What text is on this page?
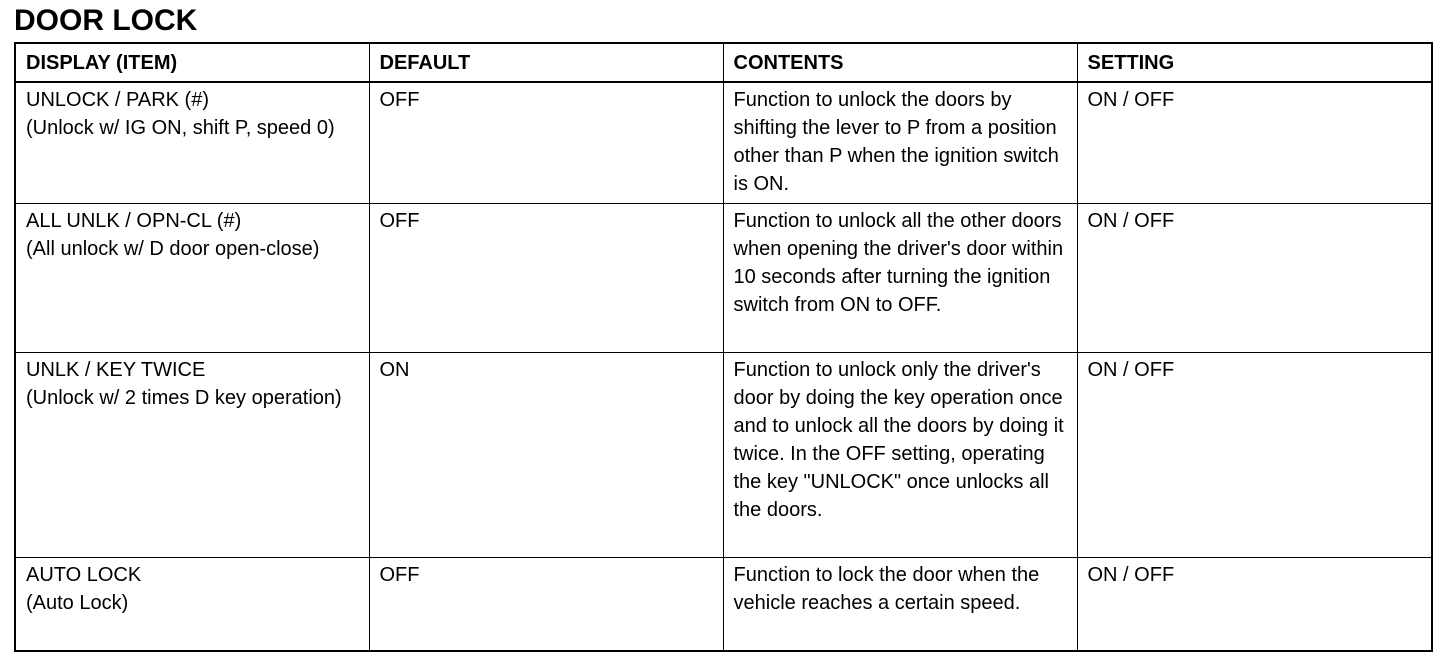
DOOR LOCK
DISPLAY (ITEM)	DEFAULT	CONTENTS	SETTING

UNLOCK / PARK (#)
(Unlock w/ IG ON, shift P, speed 0)	OFF	Function to unlock the doors by shifting the lever to P from a position other than P when the ignition switch is ON.	ON / OFF

ALL UNLK / OPN-CL (#)
(All unlock w/ D door open-close)	OFF	Function to unlock all the other doors when opening the driver's door within 10 seconds after turning the ignition switch from ON to OFF.	ON / OFF

UNLK / KEY TWICE
(Unlock w/ 2 times D key operation)	ON	Function to unlock only the driver's door by doing the key operation once and to unlock all the doors by doing it twice. In the OFF setting, operating the key "UNLOCK" once unlocks all the doors.	ON / OFF

AUTO LOCK
(Auto Lock)	OFF	Function to lock the door when the vehicle reaches a certain speed.	ON / OFF
